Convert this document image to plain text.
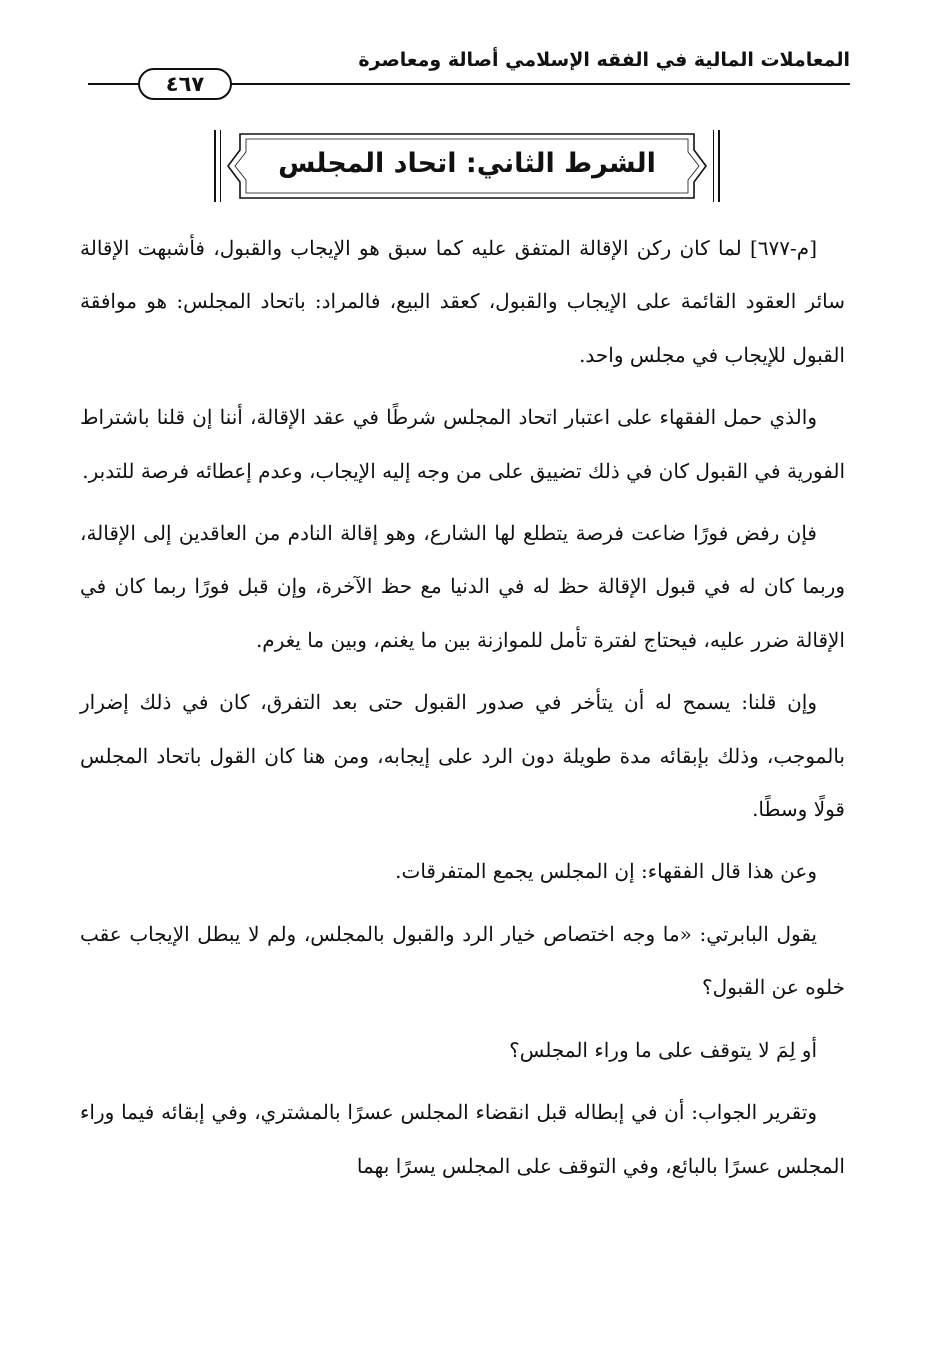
المعاملات المالية في الفقه الإسلامي أصالة ومعاصرة
٤٦٧
الشرط الثاني: اتحاد المجلس

[م-٦٧٧] لما كان ركن الإقالة المتفق عليه كما سبق هو الإيجاب والقبول، فأشبهت الإقالة سائر العقود القائمة على الإيجاب والقبول، كعقد البيع، فالمراد: باتحاد المجلس: هو موافقة القبول للإيجاب في مجلس واحد.

والذي حمل الفقهاء على اعتبار اتحاد المجلس شرطًا في عقد الإقالة، أننا إن قلنا باشتراط الفورية في القبول كان في ذلك تضييق على من وجه إليه الإيجاب، وعدم إعطائه فرصة للتدبر.

فإن رفض فورًا ضاعت فرصة يتطلع لها الشارع، وهو إقالة النادم من العاقدين إلى الإقالة، وربما كان له في قبول الإقالة حظ له في الدنيا مع حظ الآخرة، وإن قبل فورًا ربما كان في الإقالة ضرر عليه، فيحتاج لفترة تأمل للموازنة بين ما يغنم، وبين ما يغرم.

وإن قلنا: يسمح له أن يتأخر في صدور القبول حتى بعد التفرق، كان في ذلك إضرار بالموجب، وذلك بإبقائه مدة طويلة دون الرد على إيجابه، ومن هنا كان القول باتحاد المجلس قولًا وسطًا.

وعن هذا قال الفقهاء: إن المجلس يجمع المتفرقات.

يقول البابرتي: «ما وجه اختصاص خيار الرد والقبول بالمجلس، ولم لا يبطل الإيجاب عقب خلوه عن القبول؟

أو لِمَ لا يتوقف على ما وراء المجلس؟

وتقرير الجواب: أن في إبطاله قبل انقضاء المجلس عسرًا بالمشتري، وفي إبقائه فيما وراء المجلس عسرًا بالبائع، وفي التوقف على المجلس يسرًا بهما
